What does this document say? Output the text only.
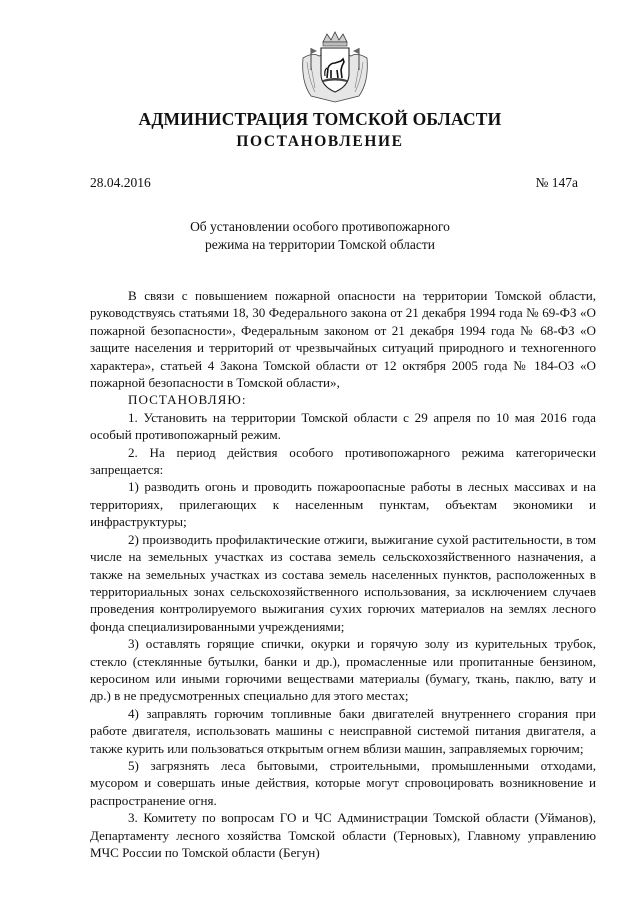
АДМИНИСТРАЦИЯ ТОМСКОЙ ОБЛАСТИ
ПОСТАНОВЛЕНИЕ
28.04.2016	№ 147а
Об установлении особого противопожарного
режима на территории Томской области

В связи с повышением пожарной опасности на территории Томской области, руководствуясь статьями 18, 30 Федерального закона от 21 декабря 1994 года № 69-ФЗ «О пожарной безопасности», Федеральным законом от 21 декабря 1994 года № 68-ФЗ «О защите населения и территорий от чрезвычайных ситуаций природного и техногенного характера», статьей 4 Закона Томской области от 12 октября 2005 года № 184-ОЗ «О пожарной безопасности в Томской области»,

ПОСТАНОВЛЯЮ:

1. Установить на территории Томской области с 29 апреля по 10 мая 2016 года особый противопожарный режим.

2. На период действия особого противопожарного режима категорически запрещается:

1) разводить огонь и проводить пожароопасные работы в лесных массивах и на территориях, прилегающих к населенным пунктам, объектам экономики и инфраструктуры;

2) производить профилактические отжиги, выжигание сухой растительности, в том числе на земельных участках из состава земель сельскохозяйственного назначения, а также на земельных участках из состава земель населенных пунктов, расположенных в территориальных зонах сельскохозяйственного использования, за исключением случаев проведения контролируемого выжигания сухих горючих материалов на землях лесного фонда специализированными учреждениями;

3) оставлять горящие спички, окурки и горячую золу из курительных трубок, стекло (стеклянные бутылки, банки и др.), промасленные или пропитанные бензином, керосином или иными горючими веществами материалы (бумагу, ткань, паклю, вату и др.) в не предусмотренных специально для этого местах;

4) заправлять горючим топливные баки двигателей внутреннего сгорания при работе двигателя, использовать машины с неисправной системой питания двигателя, а также курить или пользоваться открытым огнем вблизи машин, заправляемых горючим;

5) загрязнять леса бытовыми, строительными, промышленными отходами, мусором и совершать иные действия, которые могут спровоцировать возникновение и распространение огня.

3. Комитету по вопросам ГО и ЧС Администрации Томской области (Уйманов), Департаменту лесного хозяйства Томской области (Терновых), Главному управлению МЧС России по Томской области (Бегун)
